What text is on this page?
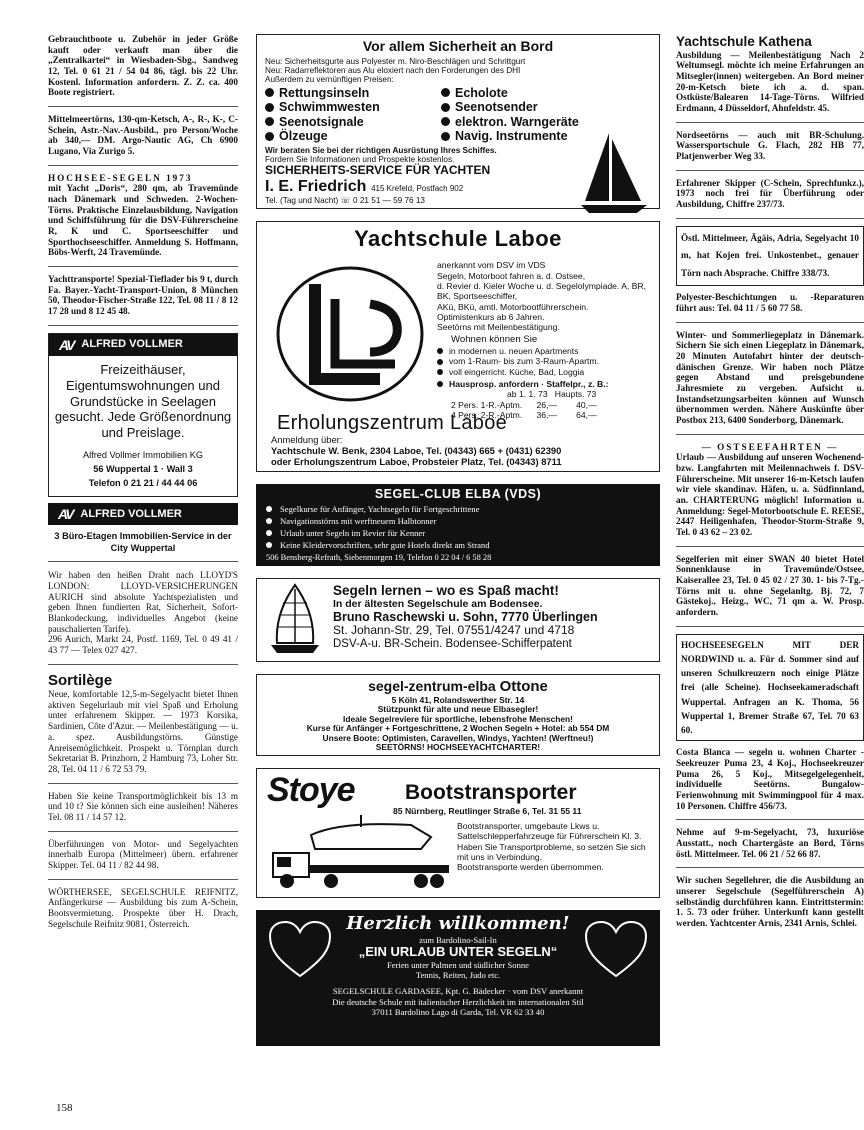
Gebrauchtboote u. Zubehör in jeder Größe kauft oder verkauft man über die „Zentralkartei“ in Wiesbaden-Sbg., Sandweg 12, Tel. 0 61 21 / 54 04 86, tägl. bis 22 Uhr. Kostenl. Information anfordern. Z. Z. ca. 400 Boote registriert.
Mittelmeertörns, 130-qm-Ketsch, A-, R-, K-, C-Schein, Astr.-Nav.-Ausbild., pro Person/Woche ab 340,— DM. Argo-Nautic AG, Ch 6900 Lugano, Via Zurigo 5.
HOCHSEE-SEGELN 1973
mit Yacht „Doris“, 280 qm, ab Travemünde nach Dänemark und Schweden. 2-Wochen-Törns. Praktische Einzelausbildung, Navigation und Schiffsführung für die DSV-Führerscheine R, K und C. Sportseeschiffer und Sporthochseeschiffer. Anmeldung S. Hoffmann, Böbs-Werft, 24 Travemünde.
Yachttransporte! Spezial-Tieflader bis 9 t, durch Fa. Bayer.-Yacht-Transport-Union, 8 München 50, Theodor-Fischer-Straße 122, Tel. 08 11 / 8 12 17 28 und 8 12 45 48.
AV ALFRED VOLLMER
Freizeithäuser, Eigentumswohnungen und Grundstücke in Seelagen gesucht. Jede Größenordnung und Preislage.
Alfred Vollmer Immobilien KG
56 Wuppertal 1 · Wall 3
Telefon 0 21 21 / 44 44 06
AV ALFRED VOLLMER
3 Büro-Etagen Immobilien-Service in der City Wuppertal
Wir haben den heißen Draht nach LLOYD'S LONDON: LLOYD-VERSICHERUNGEN AURICH sind absolute Yachtspezialisten und geben Ihnen fundierten Rat, Sicherheit, Sofort-Blankodeckung, individuelles Angebot (keine pauschalierten Tarife).
296 Aurich, Markt 24, Postf. 1169, Tel. 0 49 41 / 43 77 — Telex 027 427.
Sortilège
Neue, komfortable 12,5-m-Segelyacht bietet Ihnen aktiven Segelurlaub mit viel Spaß und Erholung unter erfahrenem Skipper. — 1973 Korsika, Sardinien, Côte d'Azur. — Meilenbestätigung — u. a. spez. Ausbildungstörns. Günstige Anreisemöglichkeit. Prospekt u. Törnplan durch Sekretariat B. Prinzhorn, 2 Hamburg 73, Loher Str. 28, Tel. 04 11 / 6 72 53 79.
Haben Sie keine Transportmöglichkeit bis 13 m und 10 t? Sie können sich eine ausleihen! Näheres Tel. 08 11 / 14 57 12.
Überführungen von Motor- und Segelyachten innerhalb Europa (Mittelmeer) übern. erfahrener Skipper. Tel. 04 11 / 82 44 98.
WÖRTHERSEE, SEGELSCHULE REIFNITZ, Anfängerkurse — Ausbildung bis zum A-Schein, Bootsvermietung. Prospekte über H. Drach, Segelschule Reifnitz 9081, Österreich.
Vor allem Sicherheit an Bord
Neu: Sicherheitsgurte aus Polyester m. Niro-Beschlägen und Schrittgurt
Neu: Radarreflektoren aus Alu eloxiert nach den Forderungen des DHI
Außerdem zu vernünftigen Preisen:
Rettungsinseln	Echolote
Schwimmwesten	Seenotsender
Seenotsignale	elektron. Warngeräte
Ölzeuge	Navig. Instrumente
Wir beraten Sie bei der richtigen Ausrüstung Ihres Schiffes.
Fordern Sie Informationen und Prospekte kostenlos.
SICHERHEITS-SERVICE FÜR YACHTEN
I. E. Friedrich 415 Krefeld, Postfach 902
Tel. (Tag und Nacht) ☏ 0 21 51 — 59 76 13
Yachtschule Laboe
anerkannt vom DSV im VDS
Segeln, Motorboot fahren a. d. Ostsee,
d. Revier d. Kieler Woche u. d. Segelolympiade. A, BR, BK, Sportseeschiffer,
AKü, BKü, amtl. Motorbootführerschein.
Optimistenkurs ab 6 Jahren.
Seetörns mit Meilenbestätigung.
Wohnen können Sie
in modernen u. neuen Apartments
vom 1-Raum- bis zum 3-Raum-Apartm.
voll eingerricht. Küche, Bad, Loggia
Hausprosp. anfordern · Staffelpr., z. B.:
ab 1. 1. 73   Haupts. 73
2 Pers. 1-R.-Aptm.      26,—        40,—
4 Pers. 2-R.-Aptm.      36,—        64,—
Erholungszentrum Laboe
Anmeldung über:
Yachtschule W. Benk, 2304 Laboe, Tel. (04343) 665 + (0431) 62390
oder Erholungszentrum Laboe, Probsteier Platz, Tel. (04343) 8711
SEGEL-CLUB ELBA (VDS)
Segelkurse für Anfänger, Yachtsegeln für Fortgeschrittene
Navigationstörns mit werftneuem Halbtonner
Urlaub unter Segeln im Revier für Kenner
Keine Kleidervorschriften, sehr gute Hotels direkt am Strand
506 Bensberg-Refrath, Siebenmorgen 19, Telefon 0 22 04 / 6 58 28
Segeln lernen – wo es Spaß macht!
In der ältesten Segelschule am Bodensee.
Bruno Raschewski u. Sohn, 7770 Überlingen
St. Johann-Str. 29, Tel. 07551/4247 und 4718
DSV-A-u. BR-Schein. Bodensee-Schifferpatent
segel-zentrum-elba Ottone
5 Köln 41, Rolandswerther Str. 14
Stützpunkt für alte und neue Elbasegler!
Ideale Segelreviere für sportliche, lebensfrohe Menschen!
Kurse für Anfänger + Fortgeschrittene, 2 Wochen Segeln + Hotel: ab 554 DM
Unsere Boote: Optimisten, Caravellen, Windys, Yachten! (Werftneu!)
SEETÖRNS! HOCHSEEYACHTCHARTER!
Stoye Bootstransporter
85 Nürnberg, Reutlinger Straße 6, Tel. 31 55 11
Bootstransporter, umgebaute Lkws u. Sattelschlepperfahrzeuge für Führerschein Kl. 3.
Haben Sie Transportprobleme, so setzen Sie sich mit uns in Verbindung.
Bootstransporte werden übernommen.
Herzlich willkommen!
zum Bardolino-Sail-In
„EIN URLAUB UNTER SEGELN“
Ferien unter Palmen und südlicher Sonne
Tennis, Reiten, Judo etc.
SEGELSCHULE GARDASEE, Kpt. G. Bädecker · vom DSV anerkannt
Die deutsche Schule mit italienischer Herzlichkeit im internationalen Stil
37011 Bardolino Lago di Garda, Tel. VR 62 33 40
Yachtschule Kathena
Ausbildung — Meilenbestätigung Nach 2 Weltumsegl. möchte ich meine Erfahrungen an Mitsegler(innen) weitergeben. An Bord meiner 20-m-Ketsch biete ich a. d. span. Ostküste/Balearen 14-Tage-Törns. Wilfried Erdmann, 4 Düsseldorf, Ahnfeldstr. 45.
Nordseetörns — auch mit BR-Schulung. Wassersportschule G. Flach, 282 HB 77, Platjenwerber Weg 33.
Erfahrener Skipper (C-Schein, Sprechfunkz.), 1973 noch frei für Überführung oder Ausbildung, Chiffre 237/73.
Östl. Mittelmeer, Ägäis, Adria, Segelyacht 10 m, hat Kojen frei. Unkostenbet., genauer Törn nach Absprache. Chiffre 338/73.
Polyester-Beschichtungen u. -Reparaturen führt aus: Tel. 04 11 / 5 60 77 58.
Winter- und Sommerliegeplatz in Dänemark. Sichern Sie sich einen Liegeplatz in Dänemark, 20 Minuten Autofahrt hinter der deutsch-dänischen Grenze. Wir haben noch Plätze gegen Abstand und preisgebundene Jahresmiete zu vergeben. Aufsicht u. Instandsetzungsarbeiten können auf Wunsch übernommen werden. Nähere Auskünfte über Postbox 213, 6400 Sonderborg, Dänemark.
— OSTSEEFAHRTEN —
Urlaub — Ausbildung auf unseren Wochenend- bzw. Langfahrten mit Meilennachweis f. DSV-Führerscheine. Mit unserer 16-m-Ketsch laufen wir viele skandinav. Häfen, u. a. Südfinnland, an. CHARTERUNG möglich! Information u. Anmeldung: Segel-Motorbootschule E. REESE, 2447 Heiligenhafen, Theodor-Storm-Straße 9, Tel. 0 43 62 – 23 02.
Segelferien mit einer SWAN 40 bietet Hotel Sonnenklause in Travemünde/Ostsee, Kaiserallee 23, Tel. 0 45 02 / 27 30. 1- bis 7-Tg.-Törns mit u. ohne Segelanltg. Bj. 72, 7 Gästekoj., Heizg., WC, 71 qm a. W. Prosp. anfordern.
HOCHSEESEGELN MIT DER NORDWIND u. a. Für d. Sommer sind auf unseren Schulkreuzern noch einige Plätze frei (alle Scheine). Hochseekameradschaft Wuppertal. Anfragen an K. Thoma, 56 Wuppertal 1, Bremer Straße 67, Tel. 70 63 60.
Costa Blanca — segeln u. wohnen Charter - Seekreuzer Puma 23, 4 Koj., Hochseekreuzer Puma 26, 5 Koj., Mitsegelgelegenheit, individuelle Seetörns. Bungalow-Ferienwohnung mit Swimmingpool für 4 max. 10 Personen. Chiffre 456/73.
Nehme auf 9-m-Segelyacht, 73, luxuriöse Ausstatt., noch Chartergäste an Bord, Törns östl. Mittelmeer. Tel. 06 21 / 52 66 87.
Wir suchen Segellehrer, die die Ausbildung an unserer Segelschule (Segelführerschein A) selbständig durchführen kann. Eintrittstermin: 1. 5. 73 oder früher. Unterkunft kann gestellt werden. Yachtcenter Arnis, 2341 Arnis, Schlei.
158
